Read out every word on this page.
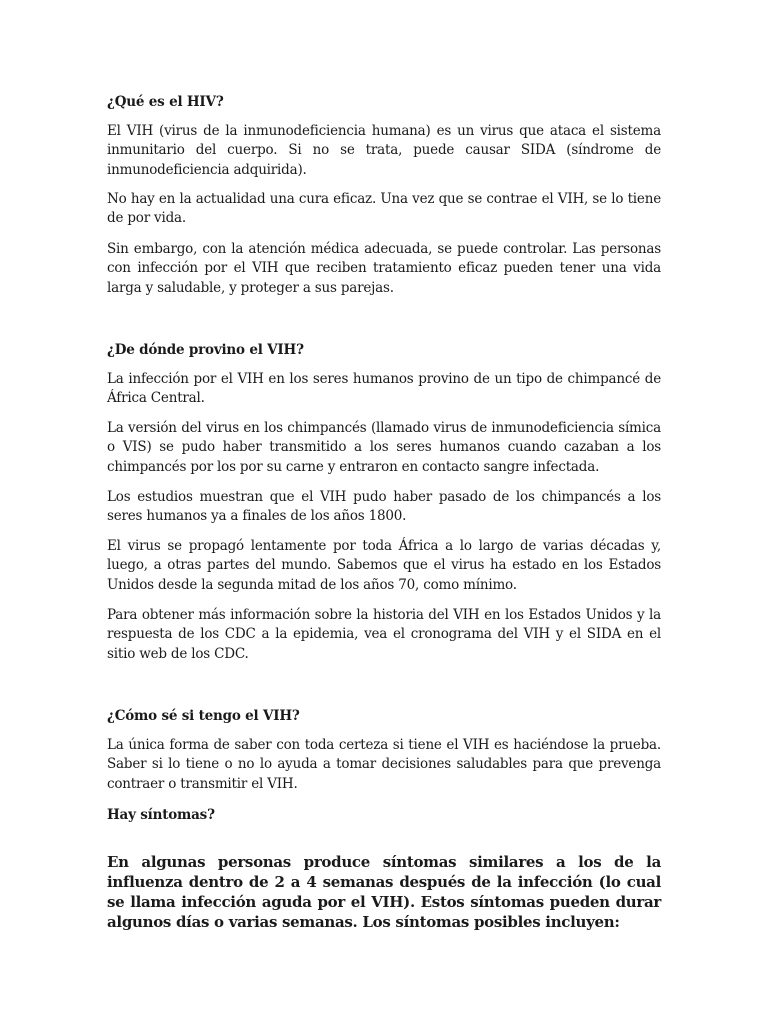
¿Qué es el HIV?

El VIH (virus de la inmunodeficiencia humana) es un virus que ataca el sistema inmunitario del cuerpo. Si no se trata, puede causar SIDA (síndrome de inmunodeficiencia adquirida).

No hay en la actualidad una cura eficaz. Una vez que se contrae el VIH, se lo tiene de por vida.

Sin embargo, con la atención médica adecuada, se puede controlar. Las personas con infección por el VIH que reciben tratamiento eficaz pueden tener una vida larga y saludable, y proteger a sus parejas.

¿De dónde provino el VIH?

La infección por el VIH en los seres humanos provino de un tipo de chimpancé de África Central.

La versión del virus en los chimpancés (llamado virus de inmunodeficiencia símica o VIS) se pudo haber transmitido a los seres humanos cuando cazaban a los chimpancés por los por su carne y entraron en contacto sangre infectada.

Los estudios muestran que el VIH pudo haber pasado de los chimpancés a los seres humanos ya a finales de los años 1800.

El virus se propagó lentamente por toda África a lo largo de varias décadas y, luego, a otras partes del mundo. Sabemos que el virus ha estado en los Estados Unidos desde la segunda mitad de los años 70, como mínimo.

Para obtener más información sobre la historia del VIH en los Estados Unidos y la respuesta de los CDC a la epidemia, vea el cronograma del VIH y el SIDA en el sitio web de los CDC.

¿Cómo sé si tengo el VIH?

La única forma de saber con toda certeza si tiene el VIH es haciéndose la prueba. Saber si lo tiene o no lo ayuda a tomar decisiones saludables para que prevenga contraer o transmitir el VIH.

Hay síntomas?

En algunas personas produce síntomas similares a los de la influenza dentro de 2 a 4 semanas después de la infección (lo cual se llama infección aguda por el VIH). Estos síntomas pueden durar algunos días o varias semanas. Los síntomas posibles incluyen:
